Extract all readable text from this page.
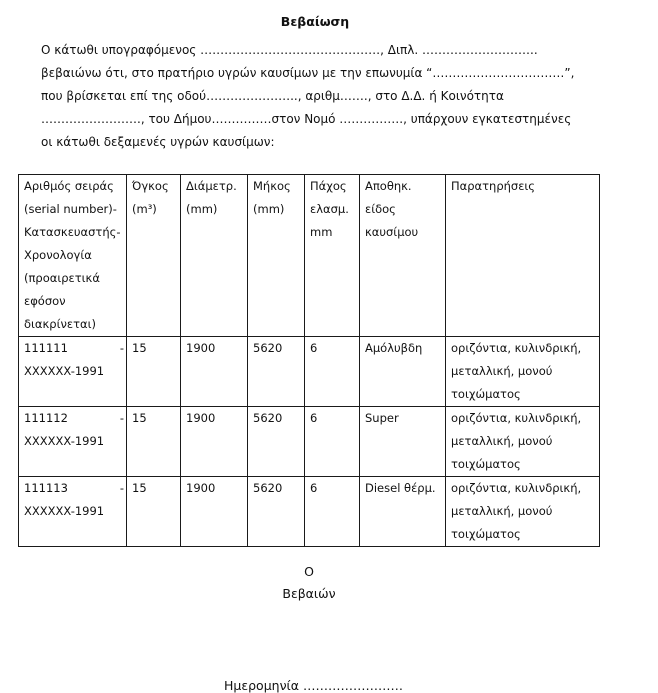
Βεβαίωση

Ο κάτωθι υπογραφόμενος ………………………………………, Διπλ. ………………………..

βεβαιώνω ότι, στο πρατήριο υγρών καυσίμων με την επωνυμία “……………………………”,

που βρίσκεται επί της οδού………………….., αριθμ……., στο Δ.Δ. ή Κοινότητα

……………………., του Δήμου……………στον Νομό ……………., υπάρχουν εγκατεστημένες

οι κάτωθι δεξαμενές υγρών καυσίμων:

Αριθμός σειράς (serial number)-Κατασκευαστής-Χρονολογία (προαιρετικά εφόσον διακρίνεται)	Όγκος (m³)	Διάμετρ. (mm)	Μήκος (mm)	Πάχος ελασμ. mm	Αποθηκ. είδος καυσίμου	Παρατηρήσεις

111111 -
XXXXXX-1991	15	1900	5620	6	Αμόλυβδη	οριζόντια, κυλινδρική, μεταλλική, μονού τοιχώματος

111112 -
XXXXXX-1991	15	1900	5620	6	Super	οριζόντια, κυλινδρική, μεταλλική, μονού τοιχώματος

111113 -
XXXXXX-1991	15	1900	5620	6	Diesel θέρμ.	οριζόντια, κυλινδρική, μεταλλική, μονού τοιχώματος
Ο
Βεβαιών
Ημερομηνία ……………………
